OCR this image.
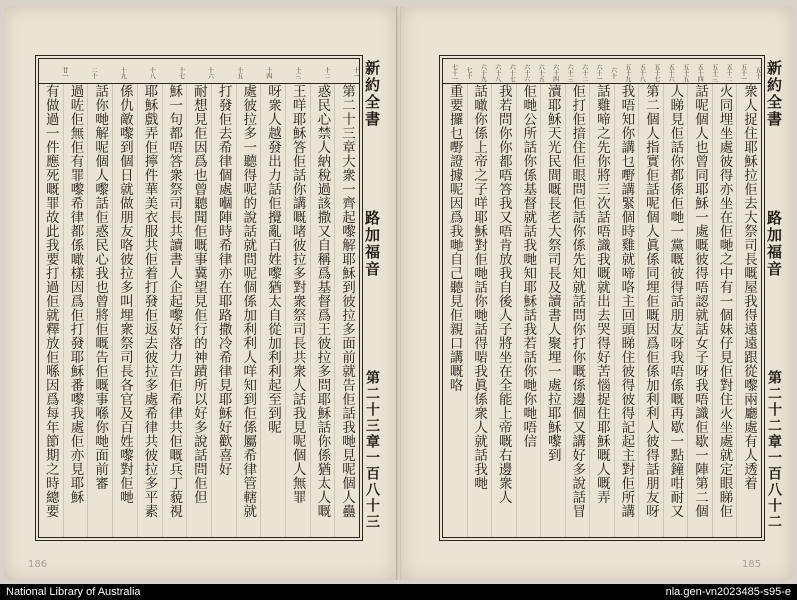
新約全書
路加福音
第二十三章
一百八十三
十一
十二
十三
十四
十五
十六
十七
十八
十九
二十
廿一
第二十三章大衆一齊起嚟解耶穌到彼拉多面前就告佢話我哋見呢個人蠱
惑民心禁人納稅過該撒又自稱爲基督爲王彼拉多問耶穌話你係猶太人嘅
王咩耶穌答佢話你講嘅啫彼拉多對衆祭司長共衆人話我見呢個人無罪
呀衆人越發出力話佢攪亂百姓嚟猶太自從加利利起至到呢
處彼拉多一聽得呢的說話就問呢個係加利利人咩知到佢係屬希律管轄就
打發佢去希律個處嗰陣時希律亦在耶路撒冷希律見耶穌好歡喜好
耐想見佢因爲也曾聽聞佢嘅事冀望見佢行的神蹟所以好多說話問佢但
穌一句都唔答衆祭司長共讀書人企起嚟好落力告佢希律共佢嘅兵丁藐視
耶穌戲弄佢擰件華美衣服共佢着打發佢返去彼拉多處希律共彼拉多平素
係仇敵嚟到個日就做朋友咯彼拉多叫埋衆祭司長各官及百姓嚟對佢哋
話你哋解呢個人嚟話佢惑民心我也曾將佢嘅告佢嘅事喺你哋面前審
過咗佢無佢有罪嚟希律都係噉樣因爲佢打發耶穌番嚟我處佢亦見耶穌
有做過一件應死嘅罪故此我要打過佢就釋放佢喺因爲每年節期之時總要	新約全書
路加福音
第二十二章
一百八十二
五十
五十一
五十二
五十三
五十四
五十五
五十六
五十七
五十八
五十九
六十
六十一
六十二
六十三
六十四
六十五
六十六
六十七
六十八
六十九
七十
七十一
衆人捉住耶穌拉佢去大祭司長嘅屋我得遠遠跟從嚟兩廳處有人透着
火同埋坐處彼得亦坐在佢哋之中有一個妹仔見佢對住火坐處就定眼睇佢
話呢個人也曾同耶穌一處嘅彼得唔認就話女子呀我唔識佢歇一陣第二個
人睇見佢話你都係佢哋一黨嘅彼得話朋友呀我唔係嘅再歇一點鐘咁耐又
第二個人指實佢話呢個人眞係同埋佢嘅因爲佢係加利利人彼得話朋友呀
我唔知你講乜嘢講緊個時雞就啼咯主回頭睇住彼得彼得記起主對佢所講
話雞啼之先你將三次話唔識我嘅就出去哭得好苦惱捉住耶穌嘅人嘅弄
佢打佢揞住佢眼問佢話你係先知就話問你打你嘅係邊個又講好多說話冒
瀆耶穌天光民間嘅長老大祭司長及讀書人聚埋一處拉耶穌嚟到
佢哋公所話你係基督就話我哋知耶穌話我若話你哋你哋唔信
我若問你你都唔答我又唔肯放我自後人子將坐在全能上帝嘅右邊衆人
話噉你係上帝之子咩耶穌對佢哋話你哋話得啱我眞係衆人就話我哋
重要攞乜嘢證據呢因爲我哋自己聽見佢親口講嘅咯
186	185
National Library of Australia	nla.gen-vn2023485-s95-e
